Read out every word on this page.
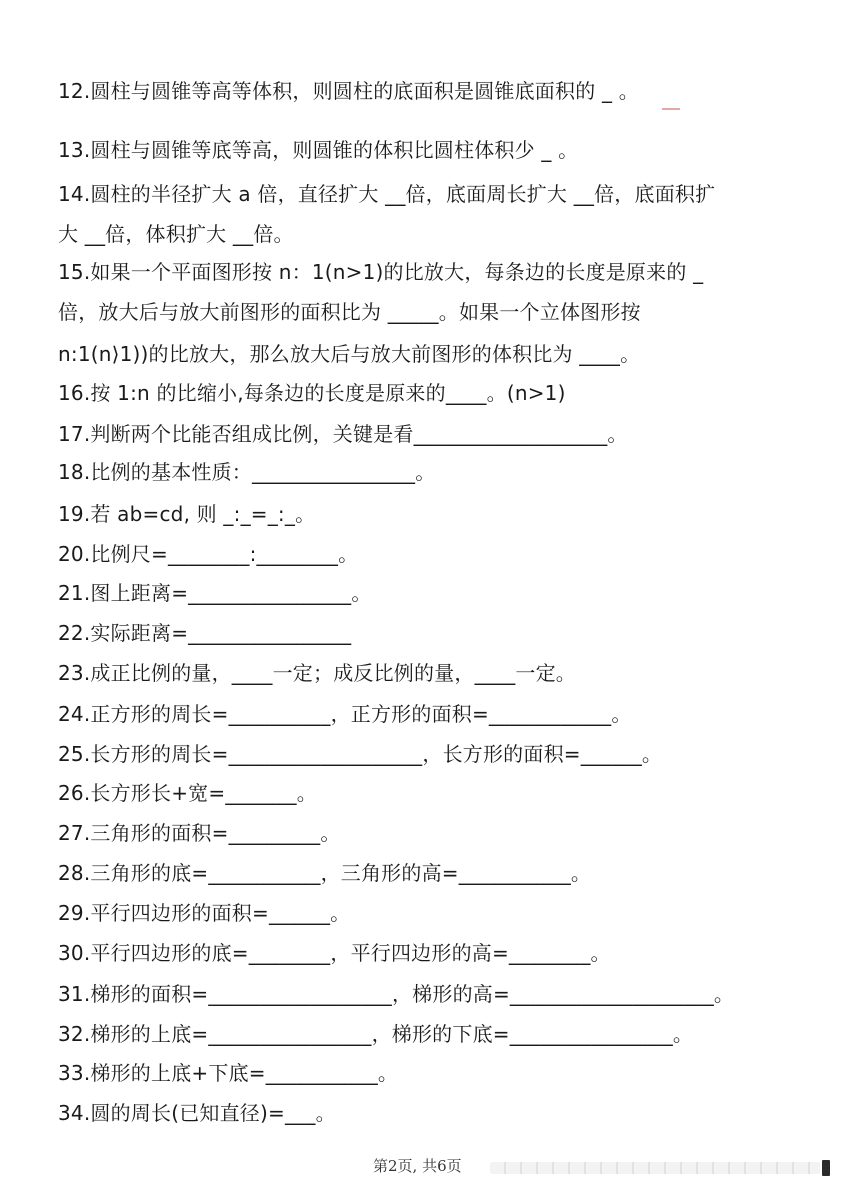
12.圆柱与圆锥等高等体积，则圆柱的底面积是圆锥底面积的 _ 。

13.圆柱与圆锥等底等高，则圆锥的体积比圆柱体积少 _ 。

14.圆柱的半径扩大 a 倍，直径扩大 __倍，底面周长扩大 __倍，底面积扩

大 __倍，体积扩大 __倍。

15.如果一个平面图形按 n：1(n>1)的比放大，每条边的长度是原来的 _

倍，放大后与放大前图形的面积比为 _____。如果一个立体图形按

n:1(n⟩1))的比放大，那么放大后与放大前图形的体积比为 ____。

16.按 1:n 的比缩小,每条边的长度是原来的____。(n>1)

17.判断两个比能否组成比例，关键是看___________________。

18.比例的基本性质：________________。

19.若 ab=cd, 则 _:_=_:_。

20.比例尺=________:________。

21.图上距离=________________。

22.实际距离=________________

23.成正比例的量，____一定；成反比例的量，____一定。

24.正方形的周长=__________，正方形的面积=____________。

25.长方形的周长=___________________，长方形的面积=______。

26.长方形长+宽=_______。

27.三角形的面积=_________。

28.三角形的底=___________，三角形的高=___________。

29.平行四边形的面积=______。

30.平行四边形的底=________，平行四边形的高=________。

31.梯形的面积=__________________，梯形的高=____________________。

32.梯形的上底=________________，梯形的下底=________________。

33.梯形的上底+下底=___________。

34.圆的周长(已知直径)=___。

第2页, 共6页
